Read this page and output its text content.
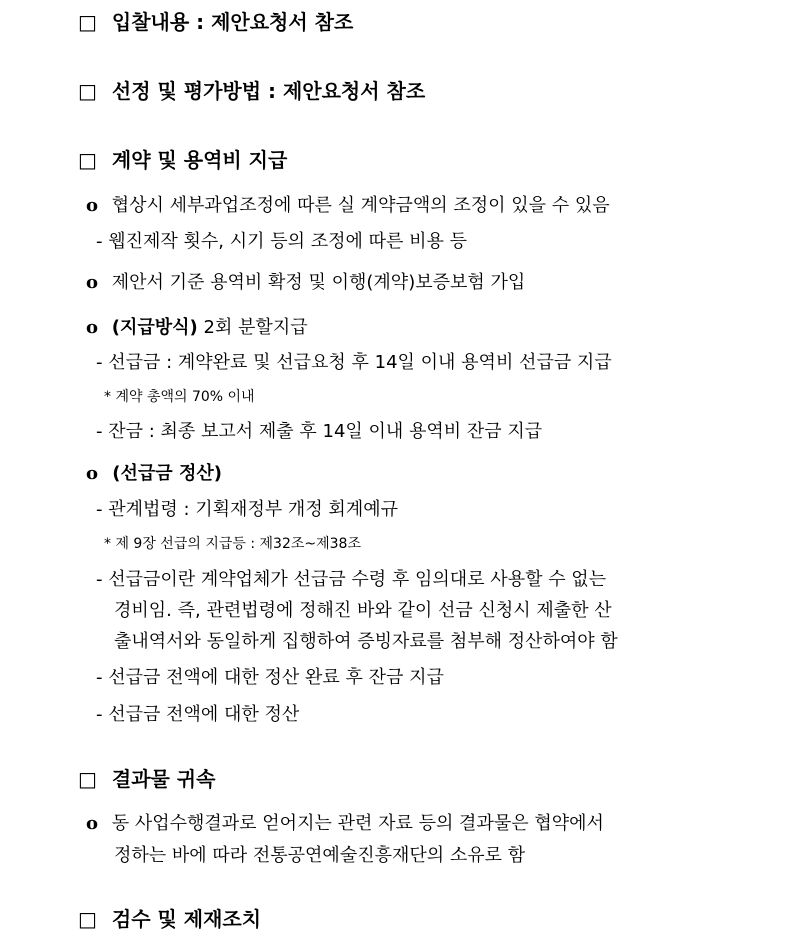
□ 입찰내용 : 제안요청서 참조
□ 선정 및 평가방법 : 제안요청서 참조
□ 계약 및 용역비 지급
o 협상시 세부과업조정에 따른 실 계약금액의 조정이 있을 수 있음
- 웹진제작 횟수, 시기 등의 조정에 따른 비용 등
o 제안서 기준 용역비 확정 및 이행(계약)보증보험 가입
o (지급방식) 2회 분할지급
- 선급금 : 계약완료 및 선급요청 후 14일 이내 용역비 선급금 지급
* 계약 총액의 70% 이내
- 잔금 : 최종 보고서 제출 후 14일 이내 용역비 잔금 지급
o (선급금 정산)
- 관계법령 : 기획재정부 개정 회계예규
* 제 9장 선급의 지급등 : 제32조~제38조
- 선급금이란 계약업체가 선급금 수령 후 임의대로 사용할 수 없는
경비임. 즉, 관련법령에 정해진 바와 같이 선금 신청시 제출한 산
출내역서와 동일하게 집행하여 증빙자료를 첨부해 정산하여야 함
- 선급금 전액에 대한 정산 완료 후 잔금 지급
- 선급금 전액에 대한 정산
□ 결과물 귀속
o 동 사업수행결과로 얻어지는 관련 자료 등의 결과물은 협약에서
정하는 바에 따라 전통공연예술진흥재단의 소유로 함
□ 검수 및 제재조치
